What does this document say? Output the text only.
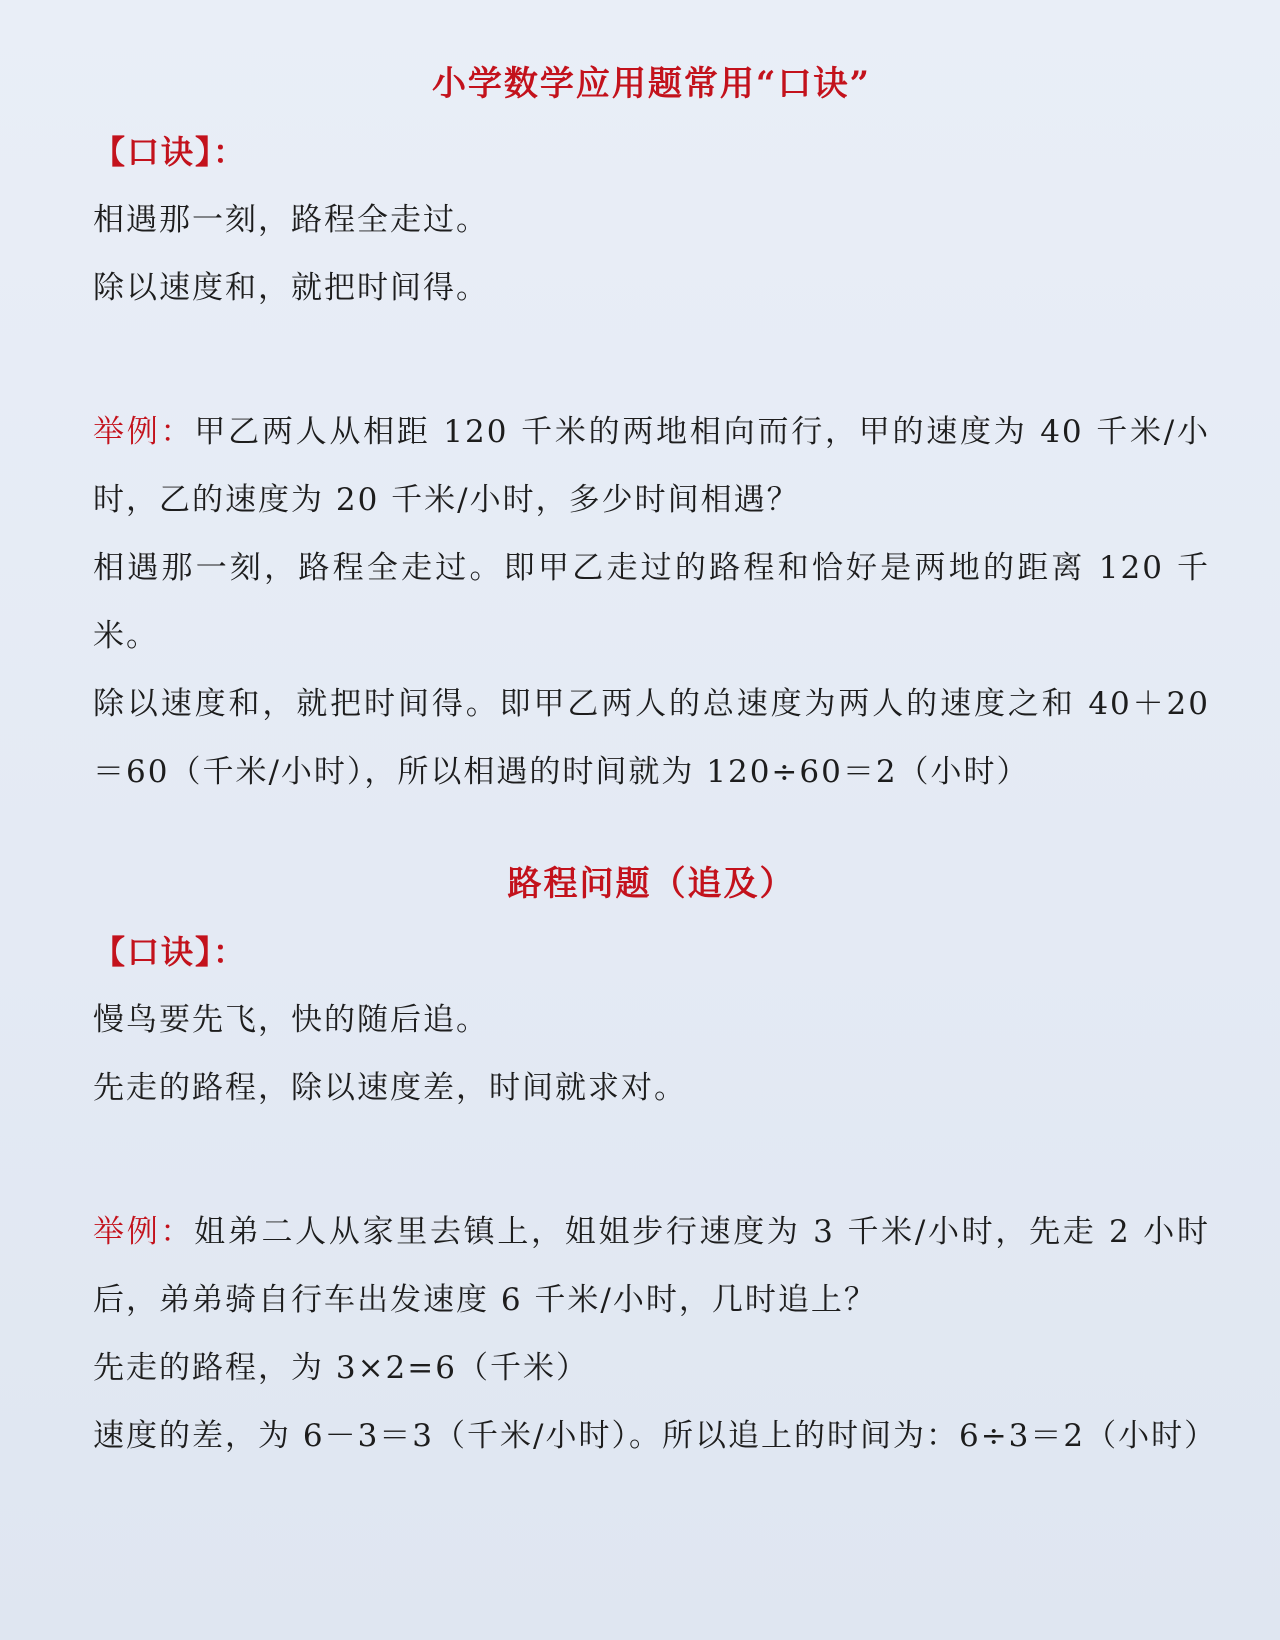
小学数学应用题常用“口诀”

【口诀】：

相遇那一刻，路程全走过。

除以速度和，就把时间得。

举例：甲乙两人从相距 120 千米的两地相向而行，甲的速度为 40 千米/小时，乙的速度为 20 千米/小时，多少时间相遇？

相遇那一刻，路程全走过。即甲乙走过的路程和恰好是两地的距离 120 千米。

除以速度和，就把时间得。即甲乙两人的总速度为两人的速度之和 40＋20＝60（千米/小时），所以相遇的时间就为 120÷60＝2（小时）

路程问题（追及）

【口诀】：

慢鸟要先飞，快的随后追。

先走的路程，除以速度差，时间就求对。

举例：姐弟二人从家里去镇上，姐姐步行速度为 3 千米/小时，先走 2 小时后，弟弟骑自行车出发速度 6 千米/小时，几时追上？

先走的路程，为 3×2=6（千米）

速度的差，为 6－3＝3（千米/小时）。所以追上的时间为：6÷3＝2（小时）
